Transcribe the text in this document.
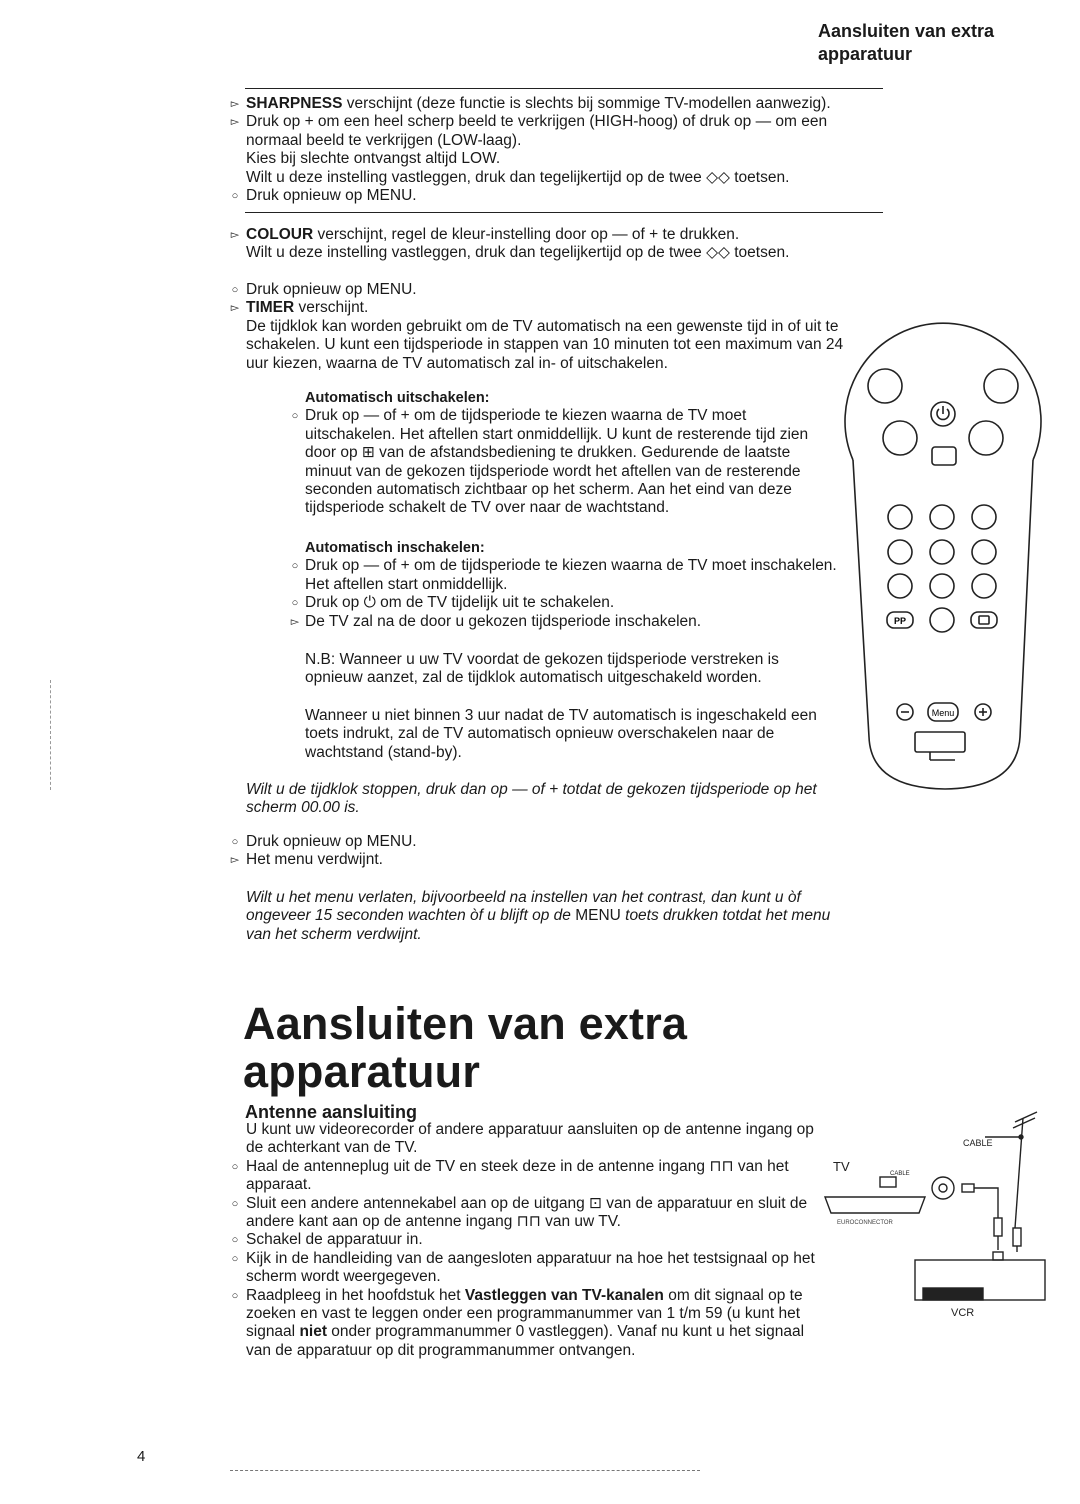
Aansluiten van extra apparatuur

▻ SHARPNESS verschijnt (deze functie is slechts bij sommige TV-modellen aanwezig).

▻ Druk op + om een heel scherp beeld te verkrijgen (HIGH-hoog) of druk op — om een normaal beeld te verkrijgen (LOW-laag).

Kies bij slechte ontvangst altijd LOW.

Wilt u deze instelling vastleggen, druk dan tegelijkertijd op de twee ◇◇ toetsen.

○ Druk opnieuw op MENU.

▻ COLOUR verschijnt, regel de kleur-instelling door op — of + te drukken.

Wilt u deze instelling vastleggen, druk dan tegelijkertijd op de twee ◇◇ toetsen.

○ Druk opnieuw op MENU.

▻ TIMER verschijnt.

De tijdklok kan worden gebruikt om de TV automatisch na een gewenste tijd in of uit te schakelen. U kunt een tijdsperiode in stappen van 10 minuten tot een maximum van 24 uur kiezen, waarna de TV automatisch zal in- of uitschakelen.

Automatisch uitschakelen:

○ Druk op — of + om de tijdsperiode te kiezen waarna de TV moet uitschakelen. Het aftellen start onmiddellijk. U kunt de resterende tijd zien door op ⊞ van de afstandsbediening te drukken. Gedurende de laatste minuut van de gekozen tijdsperiode wordt het aftellen van de resterende seconden automatisch zichtbaar op het scherm. Aan het eind van deze tijdsperiode schakelt de TV over naar de wachtstand.

Automatisch inschakelen:

○ Druk op — of + om de tijdsperiode te kiezen waarna de TV moet inschakelen. Het aftellen start onmiddellijk.

○ Druk op ⏻ om de TV tijdelijk uit te schakelen.

▻ De TV zal na de door u gekozen tijdsperiode inschakelen.

N.B: Wanneer u uw TV voordat de gekozen tijdsperiode verstreken is opnieuw aanzet, zal de tijdklok automatisch uitgeschakeld worden.

Wanneer u niet binnen 3 uur nadat de TV automatisch is ingeschakeld een toets indrukt, zal de TV automatisch opnieuw overschakelen naar de wachtstand (stand-by).

Wilt u de tijdklok stoppen, druk dan op — of + totdat de gekozen tijdsperiode op het scherm 00.00 is.

○ Druk opnieuw op MENU.

▻ Het menu verdwijnt.

Wilt u het menu verlaten, bijvoorbeeld na instellen van het contrast, dan kunt u òf ongeveer 15 seconden wachten òf u blijft op de MENU toets drukken totdat het menu van het scherm verdwijnt.

PP
Menu
Aansluiten van extra
apparatuur
Antenne aansluiting

U kunt uw videorecorder of andere apparatuur aansluiten op de antenne ingang op de achterkant van de TV.

○ Haal de antenneplug uit de TV en steek deze in de antenne ingang ⊓⊓ van het apparaat.

○ Sluit een andere antennekabel aan op de uitgang ⊡ van de apparatuur en sluit de andere kant aan op de antenne ingang ⊓⊓ van uw TV.

○ Schakel de apparatuur in.

○ Kijk in de handleiding van de aangesloten apparatuur na hoe het testsignaal op het scherm wordt weergegeven.

○ Raadpleeg in het hoofdstuk het Vastleggen van TV-kanalen om dit signaal op te zoeken en vast te leggen onder een programmanummer van 1 t/m 59 (u kunt het signaal niet onder programmanummer 0 vastleggen). Vanaf nu kunt u het signaal van de apparatuur op dit programmanummer ontvangen.

TV
CABLE
CABLE
EUROCONNECTOR
VCR
4
